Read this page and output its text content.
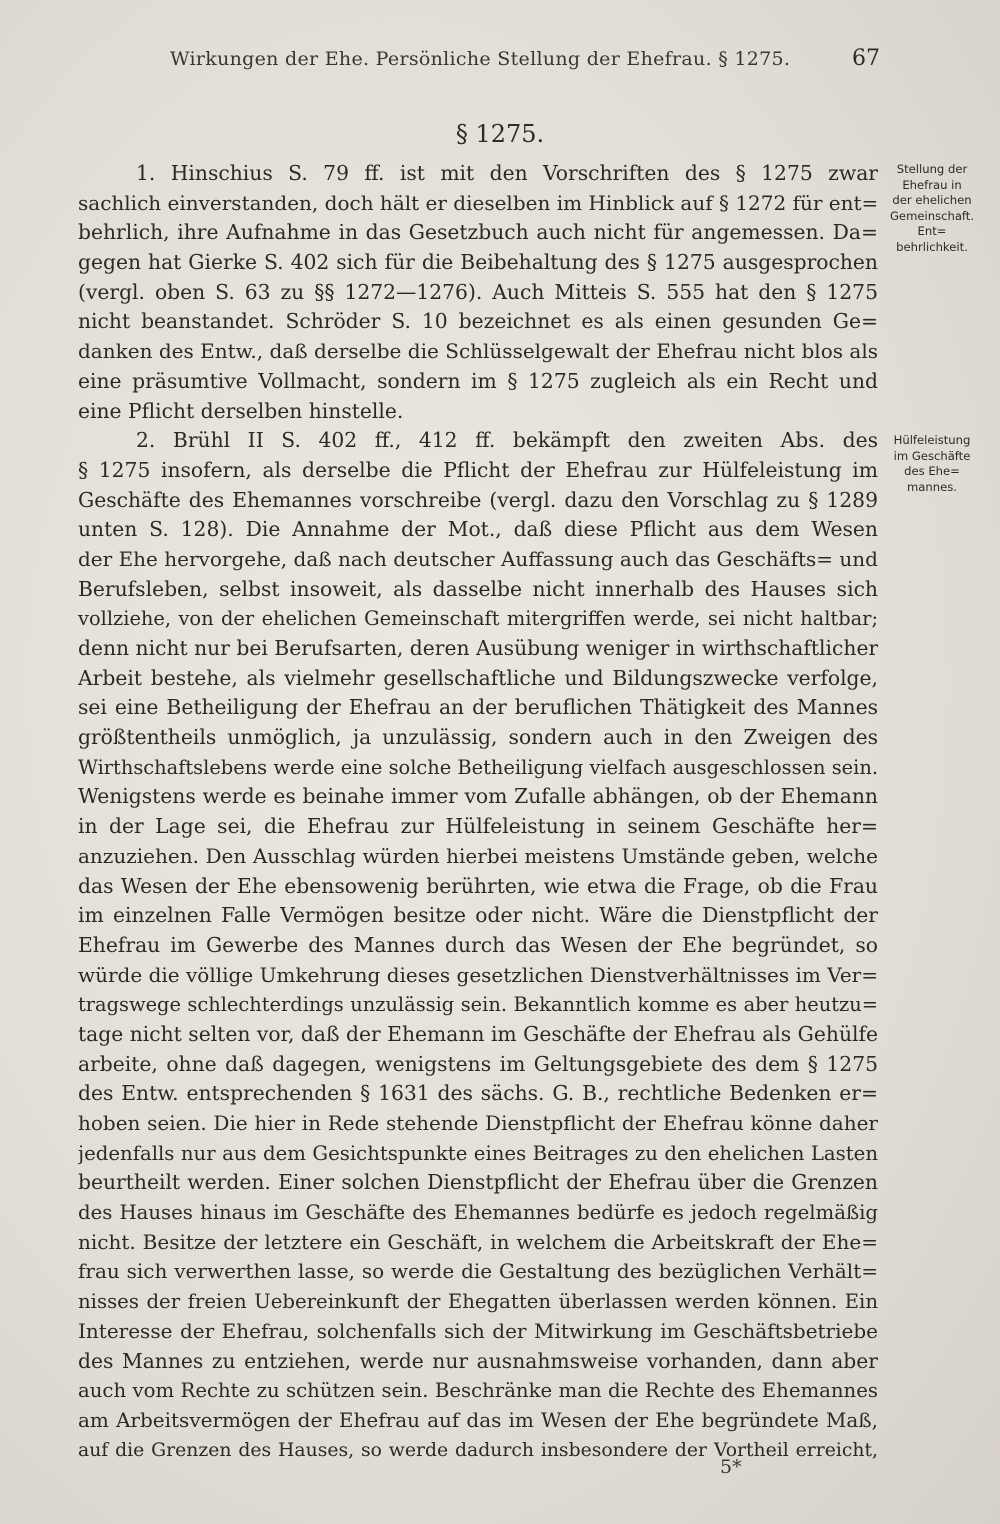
Wirkungen der Ehe. Persönliche Stellung der Ehefrau. § 1275.	67
§ 1275.
Stellung der
Ehefrau in
der ehelichen
Gemeinschaft.
Ent=
behrlichkeit.
Hülfeleistung
im Geschäfte
des Ehe=
mannes.
1. Hinschius S. 79 ff. ist mit den Vorschriften des § 1275 zwar
sachlich einverstanden, doch hält er dieselben im Hinblick auf § 1272 für ent=
behrlich, ihre Aufnahme in das Gesetzbuch auch nicht für angemessen. Da=
gegen hat Gierke S. 402 sich für die Beibehaltung des § 1275 ausgesprochen
(vergl. oben S. 63 zu §§ 1272—1276). Auch Mitteis S. 555 hat den § 1275
nicht beanstandet. Schröder S. 10 bezeichnet es als einen gesunden Ge=
danken des Entw., daß derselbe die Schlüsselgewalt der Ehefrau nicht blos als
eine präsumtive Vollmacht, sondern im § 1275 zugleich als ein Recht und
eine Pflicht derselben hinstelle.
2. Brühl II S. 402 ff., 412 ff. bekämpft den zweiten Abs. des
§ 1275 insofern, als derselbe die Pflicht der Ehefrau zur Hülfeleistung im
Geschäfte des Ehemannes vorschreibe (vergl. dazu den Vorschlag zu § 1289
unten S. 128). Die Annahme der Mot., daß diese Pflicht aus dem Wesen
der Ehe hervorgehe, daß nach deutscher Auffassung auch das Geschäfts= und
Berufsleben, selbst insoweit, als dasselbe nicht innerhalb des Hauses sich
vollziehe, von der ehelichen Gemeinschaft mitergriffen werde, sei nicht haltbar;
denn nicht nur bei Berufsarten, deren Ausübung weniger in wirthschaftlicher
Arbeit bestehe, als vielmehr gesellschaftliche und Bildungszwecke verfolge,
sei eine Betheiligung der Ehefrau an der beruflichen Thätigkeit des Mannes
größtentheils unmöglich, ja unzulässig, sondern auch in den Zweigen des
Wirthschaftslebens werde eine solche Betheiligung vielfach ausgeschlossen sein.
Wenigstens werde es beinahe immer vom Zufalle abhängen, ob der Ehemann
in der Lage sei, die Ehefrau zur Hülfeleistung in seinem Geschäfte her=
anzuziehen. Den Ausschlag würden hierbei meistens Umstände geben, welche
das Wesen der Ehe ebensowenig berührten, wie etwa die Frage, ob die Frau
im einzelnen Falle Vermögen besitze oder nicht. Wäre die Dienstpflicht der
Ehefrau im Gewerbe des Mannes durch das Wesen der Ehe begründet, so
würde die völlige Umkehrung dieses gesetzlichen Dienstverhältnisses im Ver=
tragswege schlechterdings unzulässig sein. Bekanntlich komme es aber heutzu=
tage nicht selten vor, daß der Ehemann im Geschäfte der Ehefrau als Gehülfe
arbeite, ohne daß dagegen, wenigstens im Geltungsgebiete des dem § 1275
des Entw. entsprechenden § 1631 des sächs. G. B., rechtliche Bedenken er=
hoben seien. Die hier in Rede stehende Dienstpflicht der Ehefrau könne daher
jedenfalls nur aus dem Gesichtspunkte eines Beitrages zu den ehelichen Lasten
beurtheilt werden. Einer solchen Dienstpflicht der Ehefrau über die Grenzen
des Hauses hinaus im Geschäfte des Ehemannes bedürfe es jedoch regelmäßig
nicht. Besitze der letztere ein Geschäft, in welchem die Arbeitskraft der Ehe=
frau sich verwerthen lasse, so werde die Gestaltung des bezüglichen Verhält=
nisses der freien Uebereinkunft der Ehegatten überlassen werden können. Ein
Interesse der Ehefrau, solchenfalls sich der Mitwirkung im Geschäftsbetriebe
des Mannes zu entziehen, werde nur ausnahmsweise vorhanden, dann aber
auch vom Rechte zu schützen sein. Beschränke man die Rechte des Ehemannes
am Arbeitsvermögen der Ehefrau auf das im Wesen der Ehe begründete Maß,
auf die Grenzen des Hauses, so werde dadurch insbesondere der Vortheil erreicht,
5*
